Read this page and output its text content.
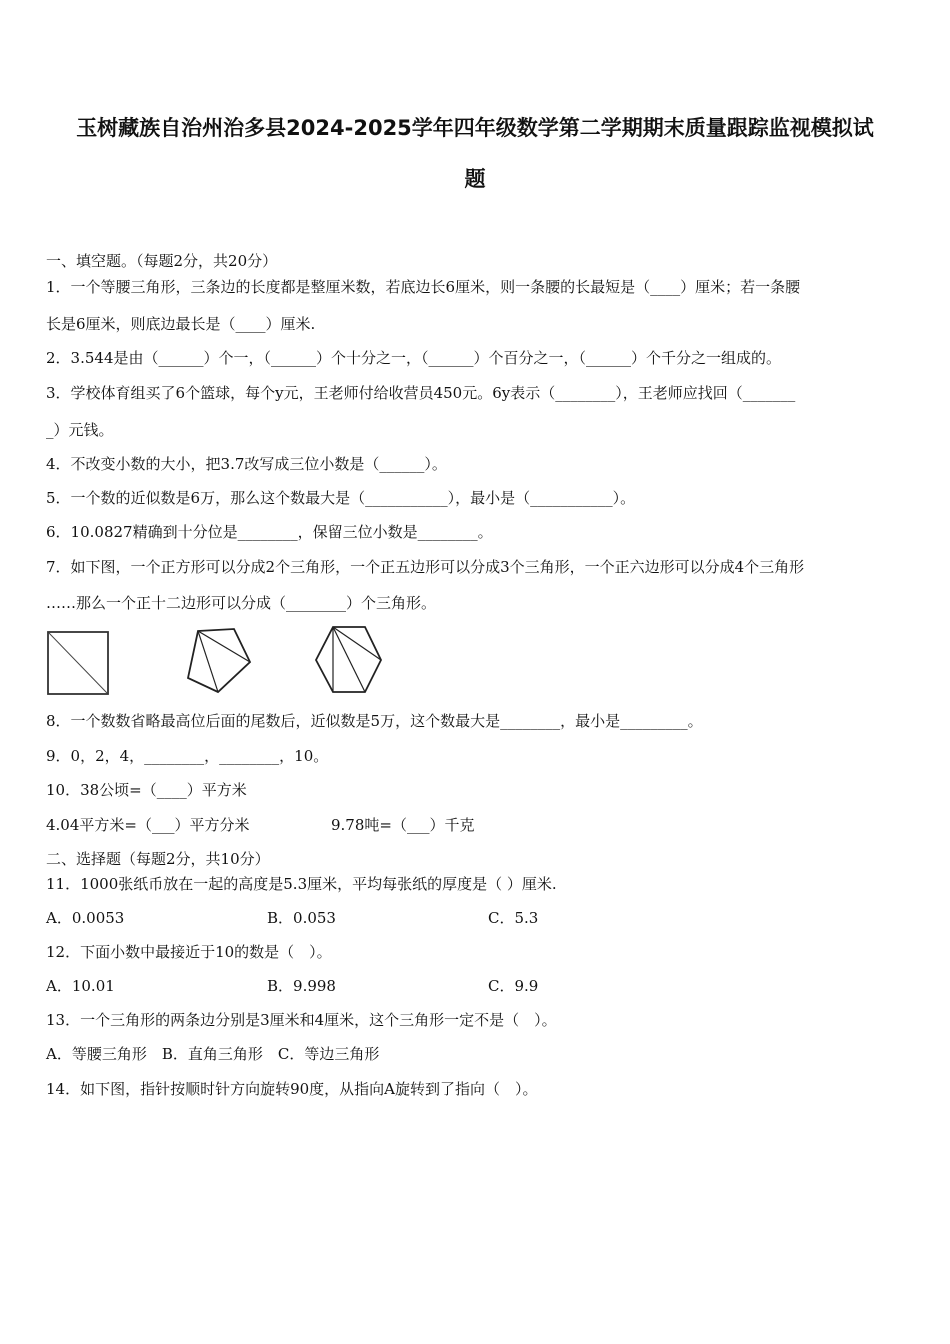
玉树藏族自治州治多县2024-2025学年四年级数学第二学期期末质量跟踪监视模拟试
题
一、填空题。（每题2分，共20分）
1．一个等腰三角形，三条边的长度都是整厘米数，若底边长6厘米，则一条腰的长最短是（____）厘米；若一条腰
长是6厘米，则底边最长是（____）厘米.
2．3.544是由（______）个一，（______）个十分之一，（______）个百分之一，（______）个千分之一组成的。
3．学校体育组买了6个篮球，每个y元，王老师付给收营员450元。6y表示（________），王老师应找回（_______
_）元钱。
4．不改变小数的大小，把3.7改写成三位小数是（______）。
5．一个数的近似数是6万，那么这个数最大是（___________），最小是（___________）。
6．10.0827精确到十分位是________，保留三位小数是________。
7．如下图，一个正方形可以分成2个三角形，一个正五边形可以分成3个三角形，一个正六边形可以分成4个三角形
……那么一个正十二边形可以分成（________）个三角形。
8．一个数数省略最高位后面的尾数后，近似数是5万，这个数最大是________，最小是_________。
9．0，2，4，________，________，10。
10．38公顷=（____）平方米
4.04平方米=（___）平方分米	9.78吨=（___）千克
二、选择题（每题2分，共10分）
11．1000张纸币放在一起的高度是5.3厘米，平均每张纸的厚度是（ ）厘米.
A．0.0053	B．0.053	C．5.3
12．下面小数中最接近于10的数是（　）。
A．10.01	B．9.998	C．9.9
13．一个三角形的两条边分别是3厘米和4厘米，这个三角形一定不是（　）。
A．等腰三角形　B．直角三角形　C．等边三角形
14．如下图，指针按顺时针方向旋转90度，从指向A旋转到了指向（　）。
